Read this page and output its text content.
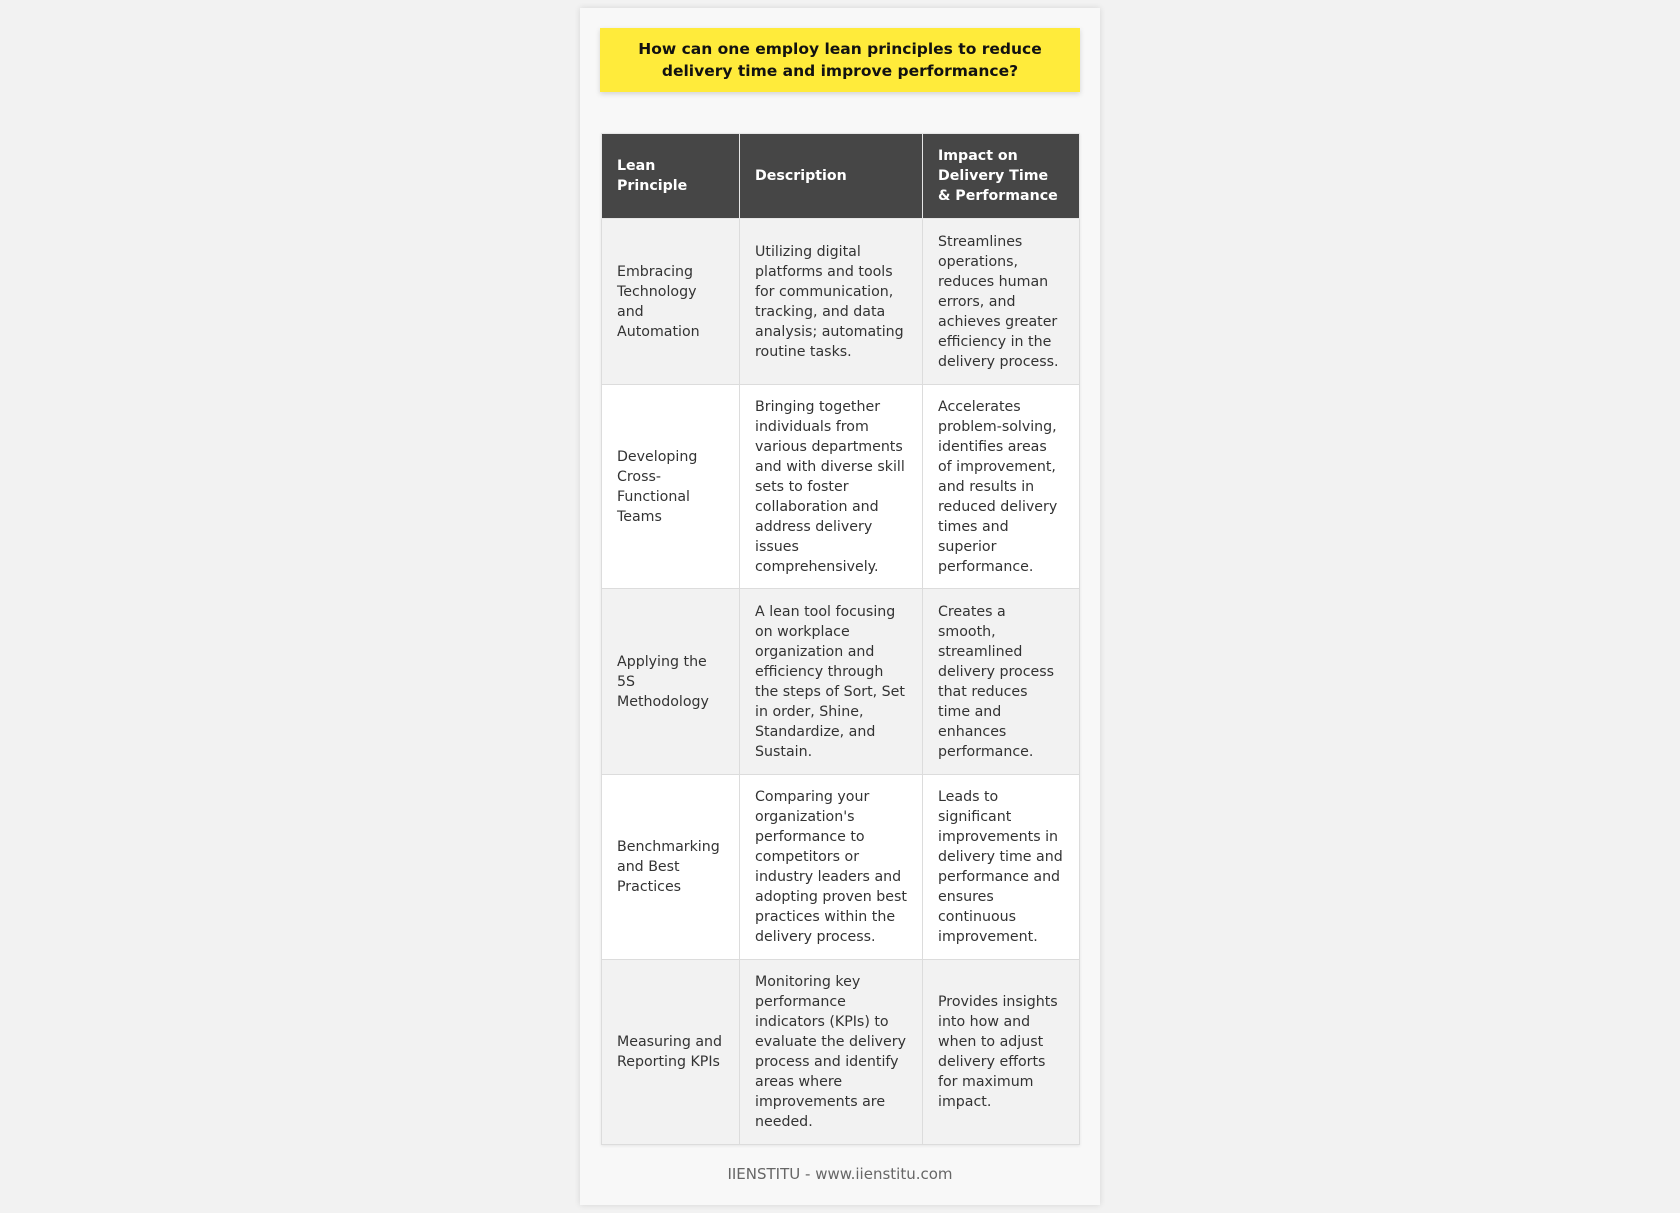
How can one employ lean principles to reduce delivery time and improve performance?
Lean Principle	Description	Impact on Delivery Time & Performance
Embracing Technology and Automation	Utilizing digital platforms and tools for communication, tracking, and data analysis; automating routine tasks.	Streamlines operations, reduces human errors, and achieves greater efficiency in the delivery process.
Developing Cross-Functional Teams	Bringing together individuals from various departments and with diverse skill sets to foster collaboration and address delivery issues comprehensively.	Accelerates problem-solving, identifies areas of improvement, and results in reduced delivery times and superior performance.
Applying the 5S Methodology	A lean tool focusing on workplace organization and efficiency through the steps of Sort, Set in order, Shine, Standardize, and Sustain.	Creates a smooth, streamlined delivery process that reduces time and enhances performance.
Benchmarking and Best Practices	Comparing your organization's performance to competitors or industry leaders and adopting proven best practices within the delivery process.	Leads to significant improvements in delivery time and performance and ensures continuous improvement.
Measuring and Reporting KPIs	Monitoring key performance indicators (KPIs) to evaluate the delivery process and identify areas where improvements are needed.	Provides insights into how and when to adjust delivery efforts for maximum impact.
IIENSTITU - www.iienstitu.com
